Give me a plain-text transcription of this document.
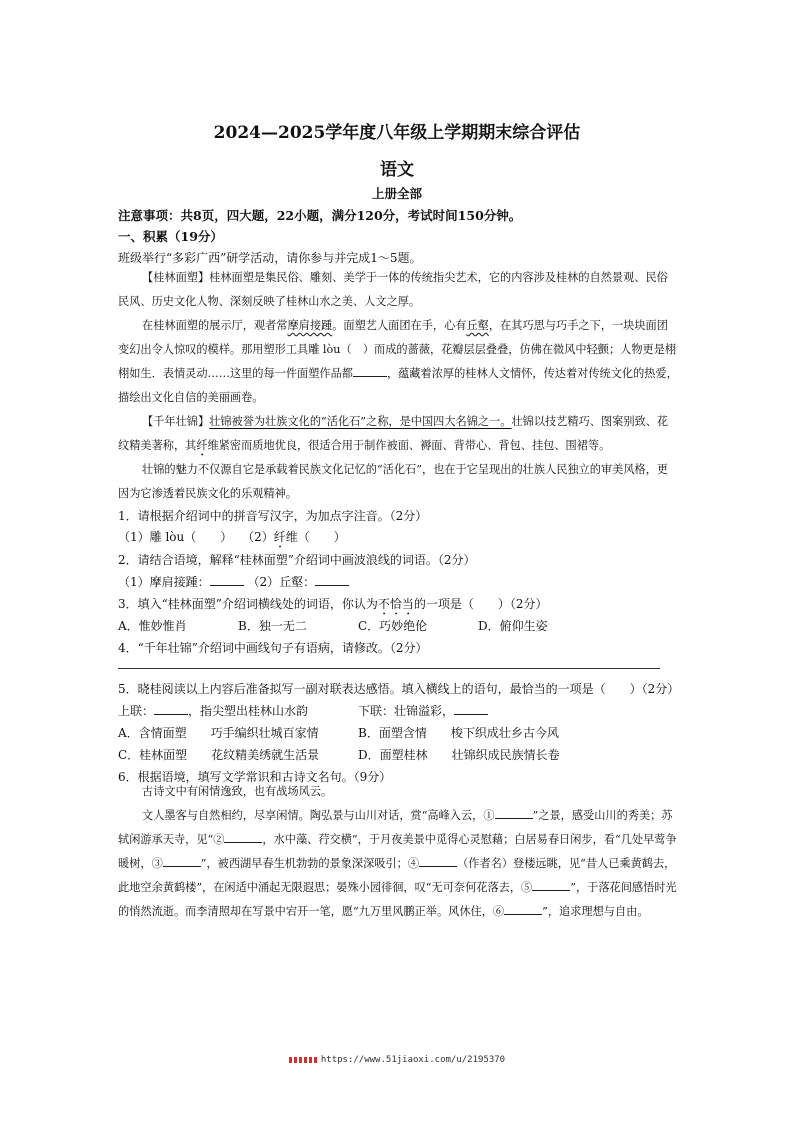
2024—2025学年度八年级上学期期末综合评估
语文
上册全部
注意事项：共8页，四大题，22小题，满分120分，考试时间150分钟。
一、积累（19分）
班级举行“多彩广西”研学活动，请你参与并完成1～5题。
【桂林面塑】桂林面塑是集民俗、雕刻、美学于一体的传统指尖艺术，它的内容涉及桂林的自然景观、民俗民风、历史文化人物、深刻反映了桂林山水之美、人文之厚。
在桂林面塑的展示厅，观者常摩肩接踵。面塑艺人面团在手，心有丘壑，在其巧思与巧手之下，一块块面团变幻出令人惊叹的模样。那用塑形工具雕 lòu（　）而成的蔷薇，花瓣层层叠叠，仿佛在微风中轻颤；人物更是栩栩如生．表情灵动……这里的每一件面塑作品都	，蕴藏着浓厚的桂林人文情怀，传达着对传统文化的热爱，描绘出文化自信的美丽画卷。
【千年壮锦】壮锦被誉为壮族文化的“活化石”之称，是中国四大名锦之一。壮锦以技艺精巧、图案别致、花纹精美著称，其纤维紧密而质地优良，很适合用于制作被面、褥面、背带心、背包、挂包、围裙等。
壮锦的魅力不仅源自它是承载着民族文化记忆的“活化石”，也在于它呈现出的壮族人民独立的审美风格，更因为它渗透着民族文化的乐观精神。
1．请根据介绍词中的拼音写汉字，为加点字注音。（2分）
（1）雕 lòu（　　） （2）纤维（　　）
2．请结合语境，解释“桂林面塑”介绍词中画波浪线的词语。（2分）
（1）摩肩接踵：	（2）丘壑：
3．填入“桂林面塑”介绍词横线处的词语，你认为不恰当的一项是（　　）（2分）
A．惟妙惟肖	B．独一无二	C．巧妙绝伦	D．俯仰生姿
4．“千年壮锦”介绍词中画线句子有语病，请修改。（2分）
5．晓桂阅读以上内容后准备拟写一副对联表达感悟。填入横线上的语句，最恰当的一项是（　　）（2分）
上联：	，指尖塑出桂林山水韵	下联：壮锦溢彩，
A．含情面塑　　巧手编织壮城百家情	B．面塑含情　　梭下织成壮乡古今风
C．桂林面塑　　花纹精美绣就生活景	D．面塑桂林　　壮锦织成民族情长卷
6．根据语境，填写文学常识和古诗文名句。（9分）
古诗文中有闲情逸致，也有战场风云。
文人墨客与自然相约，尽享闲情。陶弘景与山川对话，赏“高峰入云，①	”之景，感受山川的秀美；苏轼闲游承天寺，见“②	，水中藻、荇交横”，于月夜美景中觅得心灵慰藉；白居易春日闲步，看“几处早莺争暖树，③	”，被西湖早春生机勃勃的景象深深吸引；④	（作者名）登楼远眺，见“昔人已乘黄鹤去，此地空余黄鹤楼”，在闲适中涌起无限遐思；晏殊小园徘徊，叹“无可奈何花落去，⑤	”，于落花间感悟时光的悄然流逝。而李清照却在写景中宕开一笔，愿“九万里风鹏正举。风休住，⑥	”，追求理想与自由。
https://www.51jiaoxi.com/u/2195370
